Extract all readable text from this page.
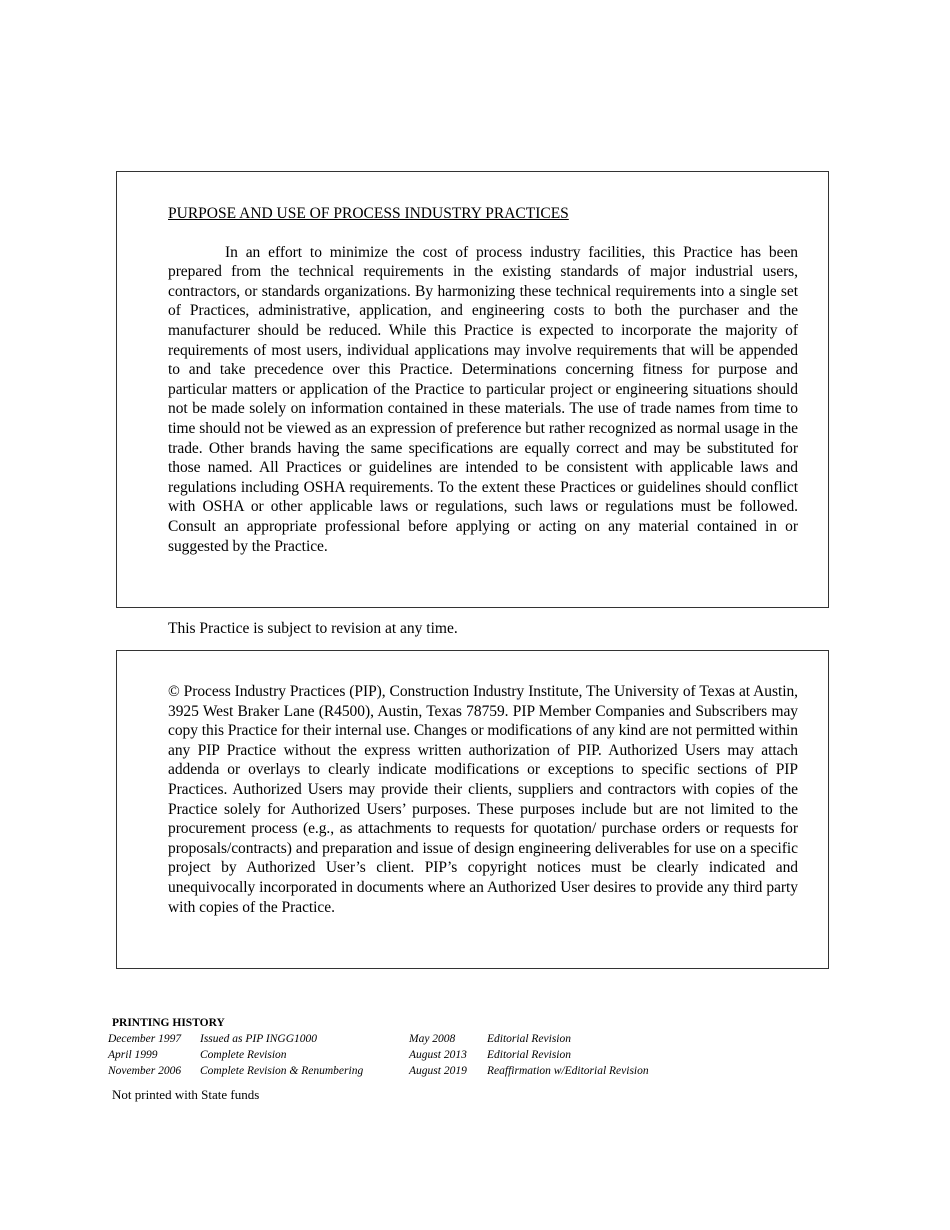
PURPOSE AND USE OF PROCESS INDUSTRY PRACTICES

In an effort to minimize the cost of process industry facilities, this Practice has been prepared from the technical requirements in the existing standards of major industrial users, contractors, or standards organizations. By harmonizing these technical requirements into a single set of Practices, administrative, application, and engineering costs to both the purchaser and the manufacturer should be reduced. While this Practice is expected to incorporate the majority of requirements of most users, individual applications may involve requirements that will be appended to and take precedence over this Practice. Determinations concerning fitness for purpose and particular matters or application of the Practice to particular project or engineering situations should not be made solely on information contained in these materials. The use of trade names from time to time should not be viewed as an expression of preference but rather recognized as normal usage in the trade. Other brands having the same specifications are equally correct and may be substituted for those named. All Practices or guidelines are intended to be consistent with applicable laws and regulations including OSHA requirements. To the extent these Practices or guidelines should conflict with OSHA or other applicable laws or regulations, such laws or regulations must be followed. Consult an appropriate professional before applying or acting on any material contained in or suggested by the Practice.

This Practice is subject to revision at any time.

© Process Industry Practices (PIP), Construction Industry Institute, The University of Texas at Austin, 3925 West Braker Lane (R4500), Austin, Texas 78759. PIP Member Companies and Subscribers may copy this Practice for their internal use. Changes or modifications of any kind are not permitted within any PIP Practice without the express written authorization of PIP. Authorized Users may attach addenda or overlays to clearly indicate modifications or exceptions to specific sections of PIP Practices. Authorized Users may provide their clients, suppliers and contractors with copies of the Practice solely for Authorized Users’ purposes. These purposes include but are not limited to the procurement process (e.g., as attachments to requests for quotation/ purchase orders or requests for proposals/contracts) and preparation and issue of design engineering deliverables for use on a specific project by Authorized User’s client. PIP’s copyright notices must be clearly indicated and unequivocally incorporated in documents where an Authorized User desires to provide any third party with copies of the Practice.

PRINTING HISTORY
December 1997 Issued as PIP INGG1000	May 2008	Editorial Revision
April 1999	Complete Revision	August 2013 Editorial Revision
November 2006 Complete Revision & Renumbering	August 2019 Reaffirmation w/Editorial Revision

Not printed with State funds
